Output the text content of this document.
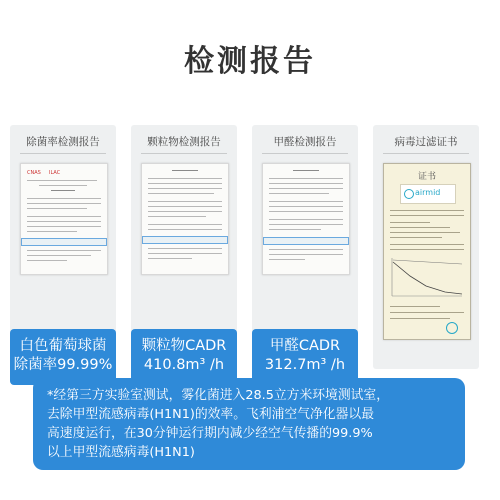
检测报告
除菌率检测报告
CNAS ILAC
白色葡萄球菌
除菌率99.99%
颗粒物检测报告
颗粒物CADR
410.8m³ /h
甲醛检测报告
甲醛CADR
312.7m³ /h
病毒过滤证书
证书
airmid
*经第三方实验室测试，雾化菌进入28.5立方米环境测试室，
去除甲型流感病毒(H1N1)的效率。飞利浦空气净化器以最
高速度运行，在30分钟运行期内减少经空气传播的99.9%
以上甲型流感病毒(H1N1)
